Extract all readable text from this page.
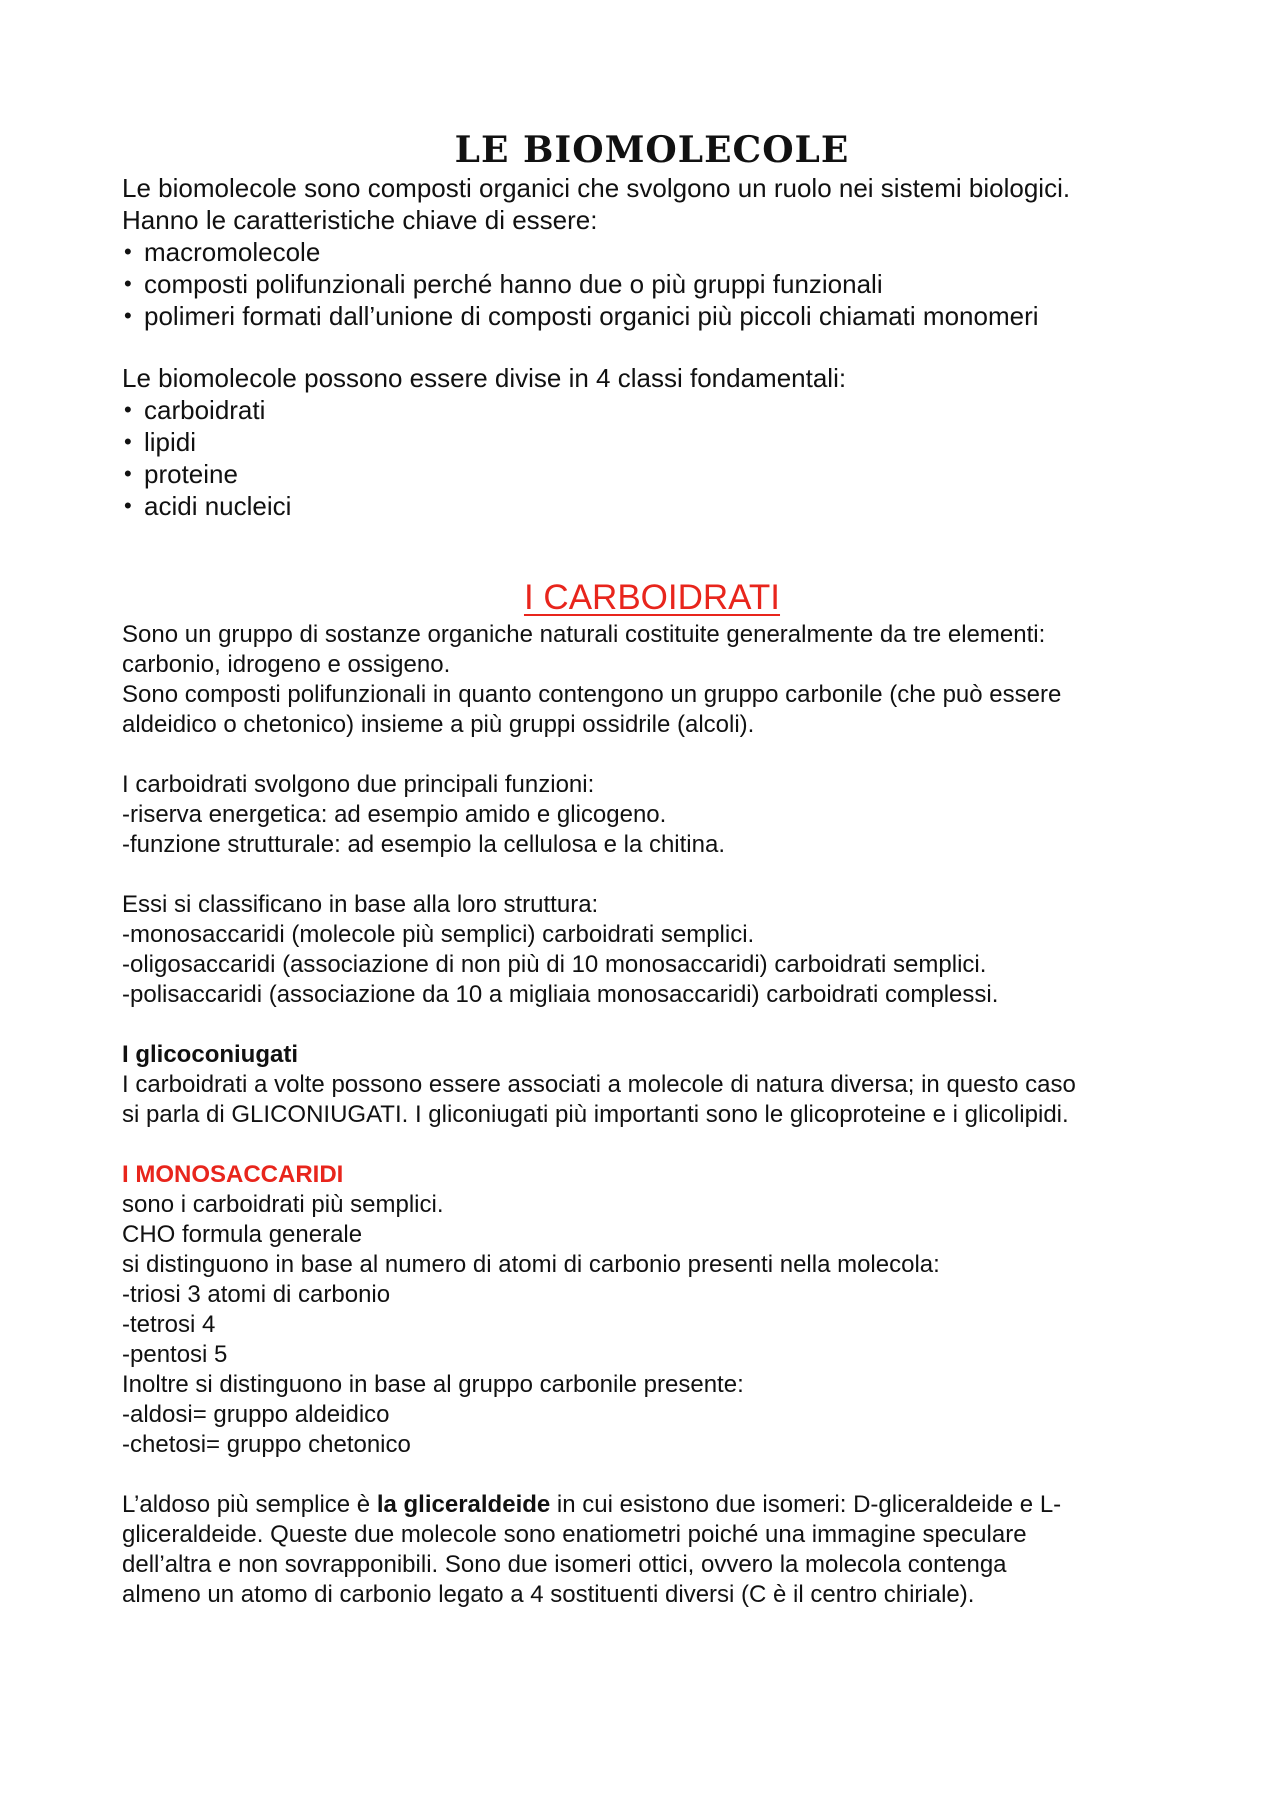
LE BIOMOLECOLE

Le biomolecole sono composti organici che svolgono un ruolo nei sistemi biologici.

Hanno le caratteristiche chiave di essere:

• macromolecole
• composti polifunzionali perché hanno due o più gruppi funzionali
• polimeri formati dall’unione di composti organici più piccoli chiamati monomeri

Le biomolecole possono essere divise in 4 classi fondamentali:

• carboidrati
• lipidi
• proteine
• acidi nucleici
I CARBOIDRATI

Sono un gruppo di sostanze organiche naturali costituite generalmente da tre elementi:

carbonio, idrogeno e ossigeno.

Sono composti polifunzionali in quanto contengono un gruppo carbonile (che può essere

aldeidico o chetonico) insieme a più gruppi ossidrile (alcoli).

I carboidrati svolgono due principali funzioni:

-riserva energetica: ad esempio amido e glicogeno.

-funzione strutturale: ad esempio la cellulosa e la chitina.

Essi si classificano in base alla loro struttura:

-monosaccaridi (molecole più semplici) carboidrati semplici.

-oligosaccaridi (associazione di non più di 10 monosaccaridi) carboidrati semplici.

-polisaccaridi (associazione da 10 a migliaia monosaccaridi) carboidrati complessi.

I glicoconiugati

I carboidrati a volte possono essere associati a molecole di natura diversa; in questo caso

si parla di GLICONIUGATI. I gliconiugati più importanti sono le glicoproteine e i glicolipidi.

I MONOSACCARIDI

sono i carboidrati più semplici.

CHO formula generale

si distinguono in base al numero di atomi di carbonio presenti nella molecola:

-triosi 3 atomi di carbonio

-tetrosi 4

-pentosi 5

Inoltre si distinguono in base al gruppo carbonile presente:

-aldosi= gruppo aldeidico

-chetosi= gruppo chetonico

L’aldoso più semplice è la gliceraldeide in cui esistono due isomeri: D-gliceraldeide e L-

gliceraldeide. Queste due molecole sono enatiometri poiché una immagine speculare

dell’altra e non sovrapponibili. Sono due isomeri ottici, ovvero la molecola contenga

almeno un atomo di carbonio legato a 4 sostituenti diversi (C è il centro chiriale).
